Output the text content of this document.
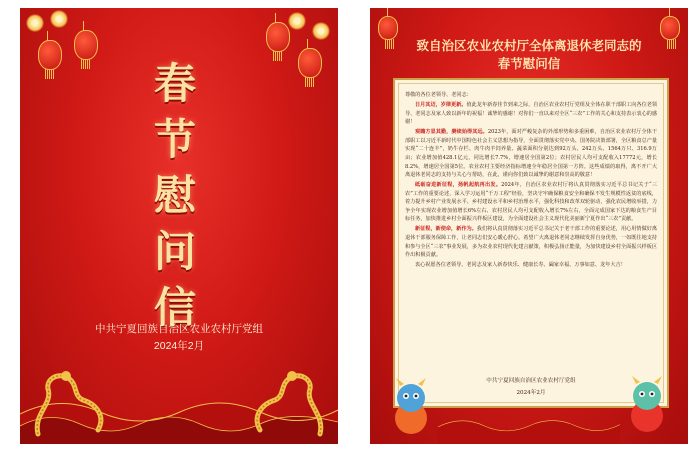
春
节
慰
问
信
中共宁夏回族自治区农业农村厅党组
2024年2月
致自治区农业农村厅全体离退休老同志的
春节慰问信

尊敬的各位老领导、老同志：

日月其迈，岁律更新。值此龙年新春佳节到来之际，自治区农业农村厅党组及全体在职干部职工向各位老领导、老同志及家人致以新年的祝福！诚挚的感谢！对你们一直以来对全区“三农”工作的关心和支持表示衷心的感谢！

观瞻方显其勤，赓续始得其远。2023年，面对严峻复杂的外部形势和多重困难，自治区农业农村厅全体干部职工以习近平新时代中国特色社会主义思想为指导，全面贯彻落实党中央、国务院决策部署，全区粮食总产量实现“二十连丰”，奶牛存栏、肉牛肉羊饲养量、蔬菜面积分别达到92万头、242万头、1564万只、316.9万亩；农业增加值428.1亿元，同比增长7.7%，增速居全国第2位；农村居民人均可支配收入17772元，增长8.2%，增速居全国第5位。农业农村主要经济指标增速全年稳居全国第一方阵。这些成绩的取得，离不开广大离退休老同志的支持与关心与帮助，在此，谨向你们致以诚挚的谢意和崇高的敬意！

砥砺奋进新征程，扬帆起航再出发。2024年，自治区农业农村厅将认真贯彻落实习近平总书记关于“三农”工作的重要论述，深入学习运用“千万工程”经验，坚决守牢确保粮食安全和确保不发生规模性返贫的底线，着力提升乡村产业发展水平、乡村建设水平和乡村治理水平，强化科技和改革双轮驱动，强化农民增收举措，力争全年实现农业增加值增长6%左右、农村居民人均可支配收入增长7%左右，全面完成国家下达的粮食生产目标任务，加快推进乡村全面振兴样板区建设，为全面建设社会主义现代化美丽新宁夏作出“三农”贡献。

新征程，新使命，新作为。我们将认真贯彻落实习近平总书记关于老干部工作的重要论述，用心用情做好离退休干部服务保障工作，让老同志们安心暖心舒心。希望广大离退休老同志继续发挥自身优势，一如既往地支持和参与全区“三农”事业发展，多为农业农村现代化建言献策，积极弘扬正能量，为加快建设乡村全面振兴样板区作出积极贡献。

衷心祝愿各位老领导、老同志及家人新春快乐、健康长寿、阖家幸福、万事如意、龙年大吉！

中共宁夏回族自治区农业农村厅党组
2024年2月
